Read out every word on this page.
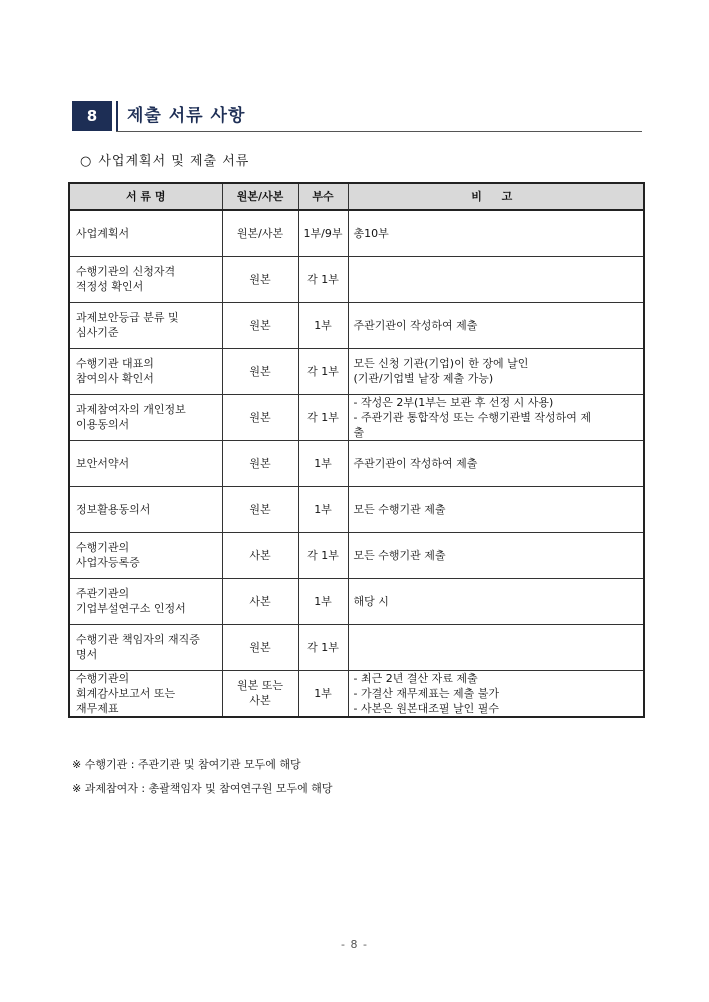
8	제출 서류 사항
○ 사업계획서 및 제출 서류
서 류 명	원본/사본	부수	비 고

사업계획서	원본/사본	1부/9부	총10부

수행기관의 신청자격
적정성 확인서	원본	각 1부	

과제보안등급 분류 및
심사기준	원본	1부	주관기관이 작성하여 제출

수행기관 대표의
참여의사 확인서	원본	각 1부	모든 신청 기관(기업)이 한 장에 날인
(기관/기업별 낱장 제출 가능)

과제참여자의 개인정보
이용동의서	원본	각 1부	- 작성은 2부(1부는 보관 후 선정 시 사용)
- 주관기관 통합작성 또는 수행기관별 작성하여 제
출

보안서약서	원본	1부	주관기관이 작성하여 제출

정보활용동의서	원본	1부	모든 수행기관 제출

수행기관의
사업자등록증	사본	각 1부	모든 수행기관 제출

주관기관의
기업부설연구소 인정서	사본	1부	해당 시

수행기관 책임자의 재직증
명서	원본	각 1부	

수행기관의
회계감사보고서 또는
재무제표	원본 또는
사본	1부	- 최근 2년 결산 자료 제출
- 가결산 재무제표는 제출 불가
- 사본은 원본대조필 날인 필수
※ 수행기관 : 주관기관 및 참여기관 모두에 해당
※ 과제참여자 : 총괄책임자 및 참여연구원 모두에 해당
- 8 -
